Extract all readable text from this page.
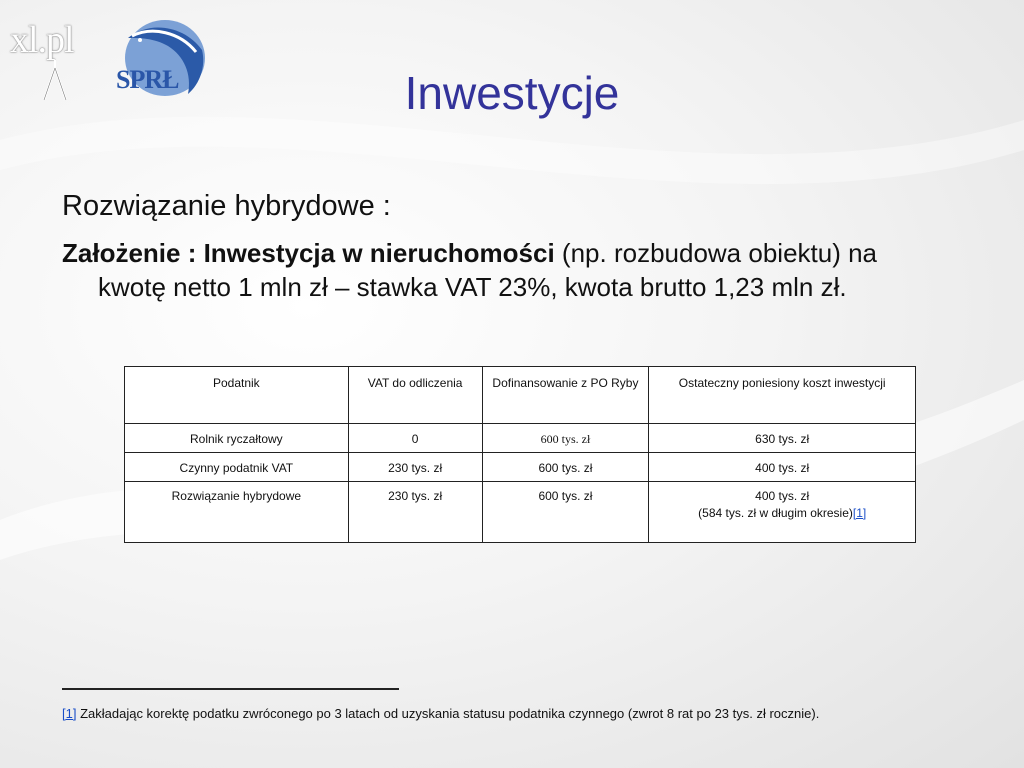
xl.pl
SPRŁ	Inwestycje
Rozwiązanie hybrydowe :
Założenie : Inwestycja w nieruchomości (np. rozbudowa obiektu) na
kwotę netto 1 mln zł – stawka VAT 23%, kwota brutto 1,23 mln zł.
Podatnik	VAT do odliczenia	Dofinansowanie z PO Ryby	Ostateczny poniesiony koszt inwestycji
Rolnik ryczałtowy	0	600 tys. zł	630 tys. zł
Czynny podatnik VAT	230 tys. zł	600 tys. zł	400 tys. zł
Rozwiązanie hybrydowe	230 tys. zł	600 tys. zł	400 tys. zł
(584 tys. zł w długim okresie)[1]
[1] Zakładając korektę podatku zwróconego po 3 latach od uzyskania statusu podatnika czynnego (zwrot 8 rat po 23 tys. zł rocznie).
